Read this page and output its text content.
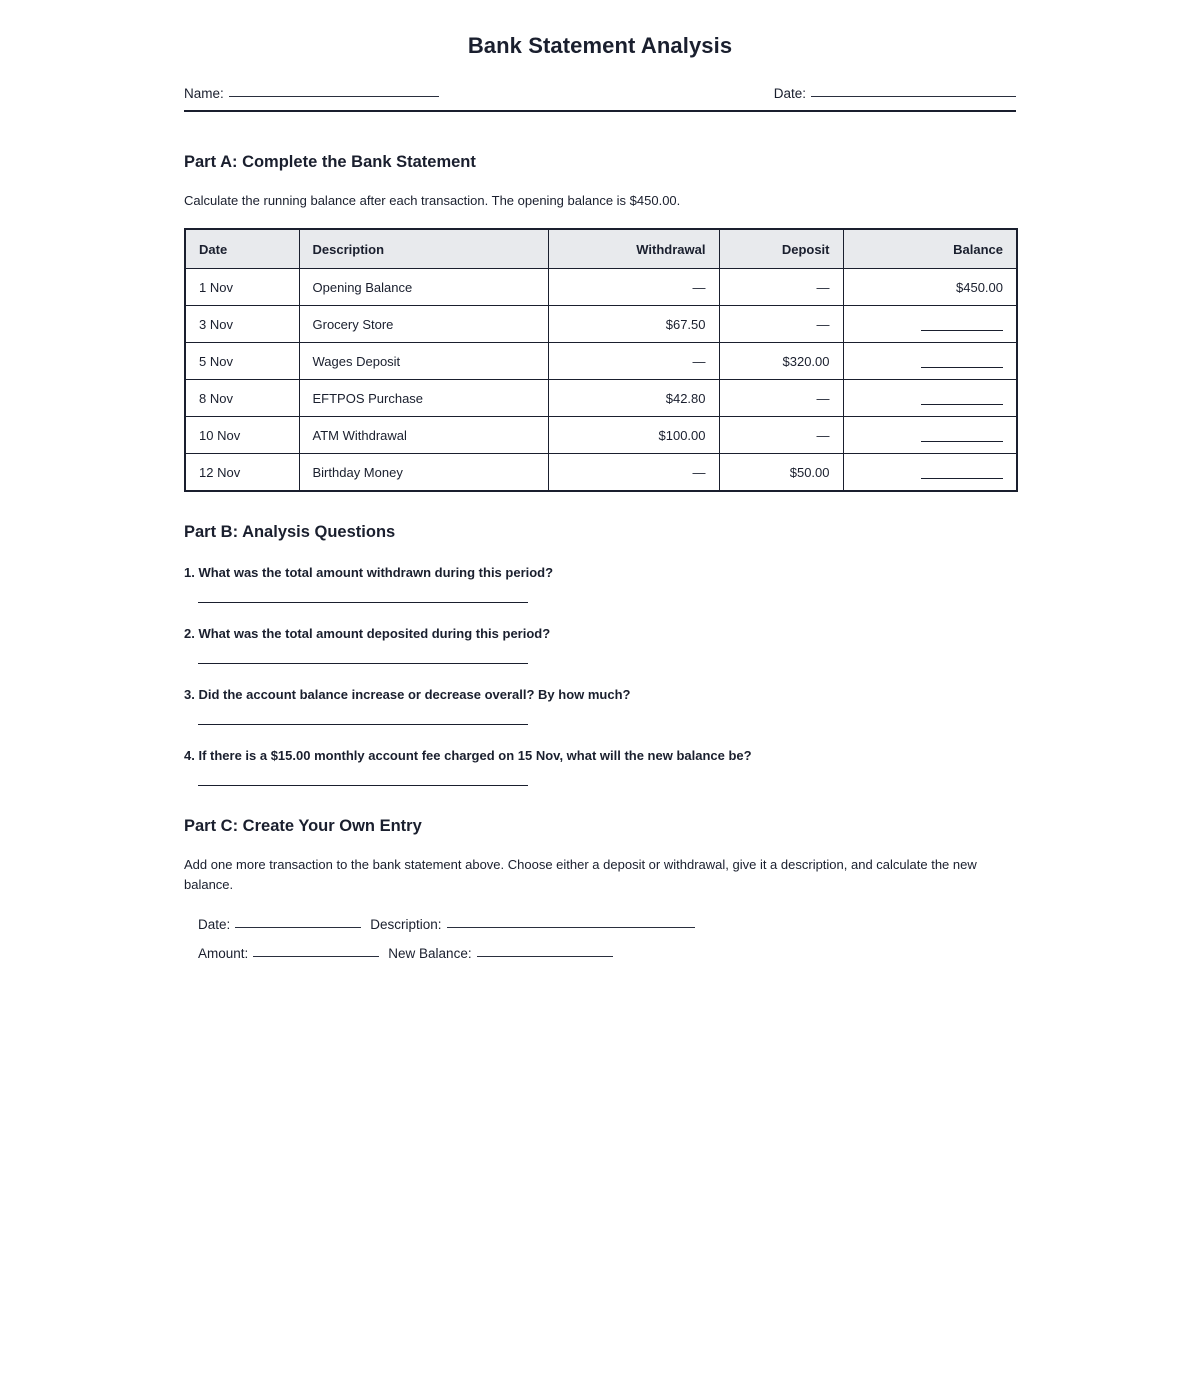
Bank Statement Analysis
Name:	Date:
Part A: Complete the Bank Statement

Calculate the running balance after each transaction. The opening balance is $450.00.

Date	Description	Withdrawal	Deposit	Balance
1 Nov	Opening Balance	—	—	$450.00
3 Nov	Grocery Store	$67.50	—	
5 Nov	Wages Deposit	—	$320.00	
8 Nov	EFTPOS Purchase	$42.80	—	
10 Nov	ATM Withdrawal	$100.00	—	
12 Nov	Birthday Money	—	$50.00	
Part B: Analysis Questions

1. What was the total amount withdrawn during this period?

2. What was the total amount deposited during this period?

3. Did the account balance increase or decrease overall? By how much?

4. If there is a $15.00 monthly account fee charged on 15 Nov, what will the new balance be?

Part C: Create Your Own Entry

Add one more transaction to the bank statement above. Choose either a deposit or withdrawal, give it a description, and calculate the new balance.

Date:	Description:
Amount:	New Balance:
